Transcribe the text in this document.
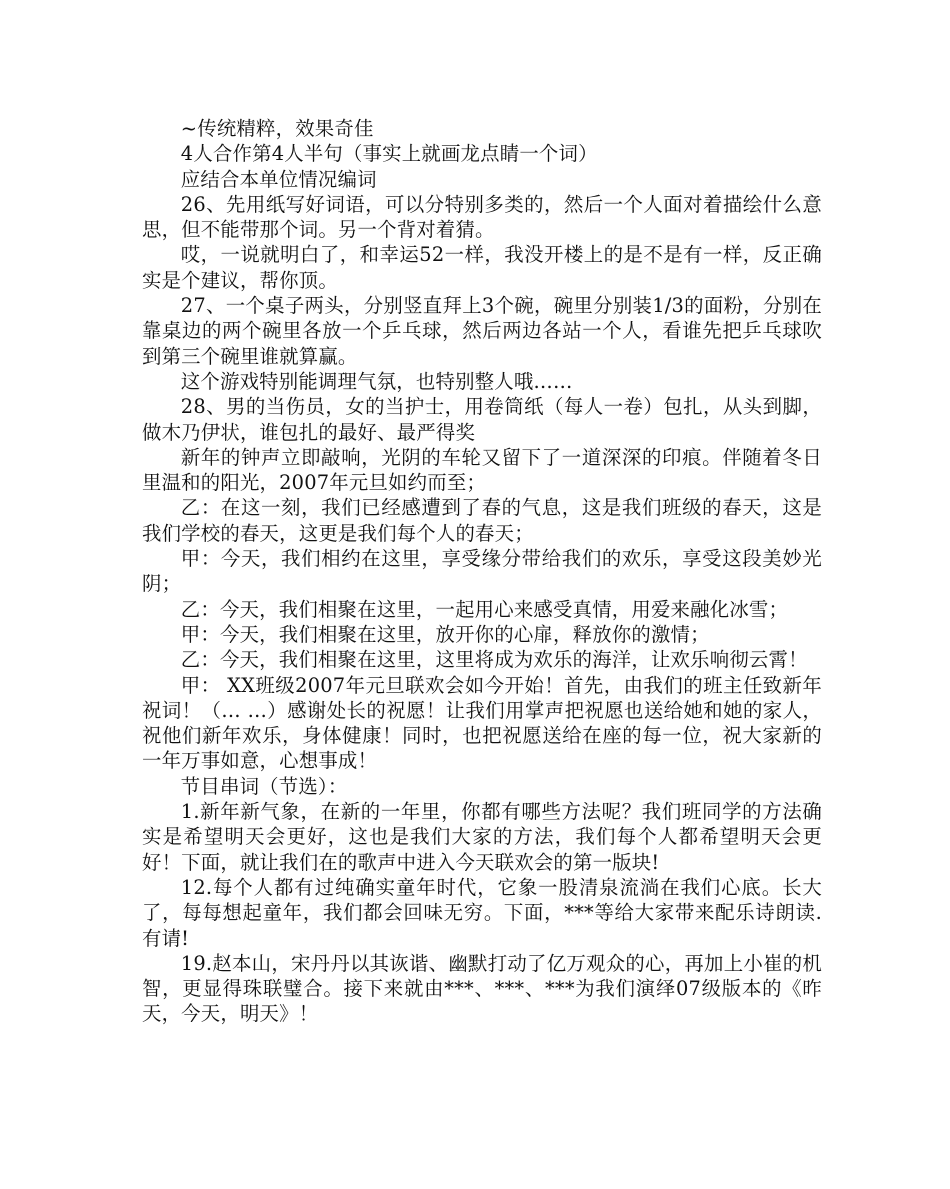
~传统精粹，效果奇佳

4人合作第4人半句（事实上就画龙点睛一个词）

应结合本单位情况编词

26、先用纸写好词语，可以分特别多类的，然后一个人面对着描绘什么意思，但不能带那个词。另一个背对着猜。

哎，一说就明白了，和幸运52一样，我没开楼上的是不是有一样，反正确实是个建议，帮你顶。

27、一个桌子两头，分别竖直拜上3个碗，碗里分别装1/3的面粉，分别在靠桌边的两个碗里各放一个乒乓球，然后两边各站一个人，看谁先把乒乓球吹到第三个碗里谁就算赢。

这个游戏特别能调理气氛，也特别整人哦……

28、男的当伤员，女的当护士，用卷筒纸（每人一卷）包扎，从头到脚，做木乃伊状，谁包扎的最好、最严得奖

新年的钟声立即敲响，光阴的车轮又留下了一道深深的印痕。伴随着冬日里温和的阳光，2007年元旦如约而至；

乙：在这一刻，我们已经感遭到了春的气息，这是我们班级的春天，这是我们学校的春天，这更是我们每个人的春天；

甲：今天，我们相约在这里，享受缘分带给我们的欢乐，享受这段美妙光阴；

乙：今天，我们相聚在这里，一起用心来感受真情，用爱来融化冰雪；

甲：今天，我们相聚在这里，放开你的心扉，释放你的激情；

乙：今天，我们相聚在这里，这里将成为欢乐的海洋，让欢乐响彻云霄！

甲： XX班级2007年元旦联欢会如今开始！首先，由我们的班主任致新年祝词！（… …）感谢处长的祝愿！让我们用掌声把祝愿也送给她和她的家人，祝他们新年欢乐，身体健康！同时，也把祝愿送给在座的每一位，祝大家新的一年万事如意，心想事成！

节目串词（节选）：

1.新年新气象，在新的一年里，你都有哪些方法呢？我们班同学的方法确实是希望明天会更好，这也是我们大家的方法，我们每个人都希望明天会更好！下面，就让我们在的歌声中进入今天联欢会的第一版块!

12.每个人都有过纯确实童年时代，它象一股清泉流淌在我们心底。长大了，每每想起童年，我们都会回味无穷。下面，***等给大家带来配乐诗朗读.有请!

19.赵本山，宋丹丹以其诙谐、幽默打动了亿万观众的心，再加上小崔的机智，更显得珠联璧合。接下来就由***、***、***为我们演绎07级版本的《昨天，今天，明天》！
